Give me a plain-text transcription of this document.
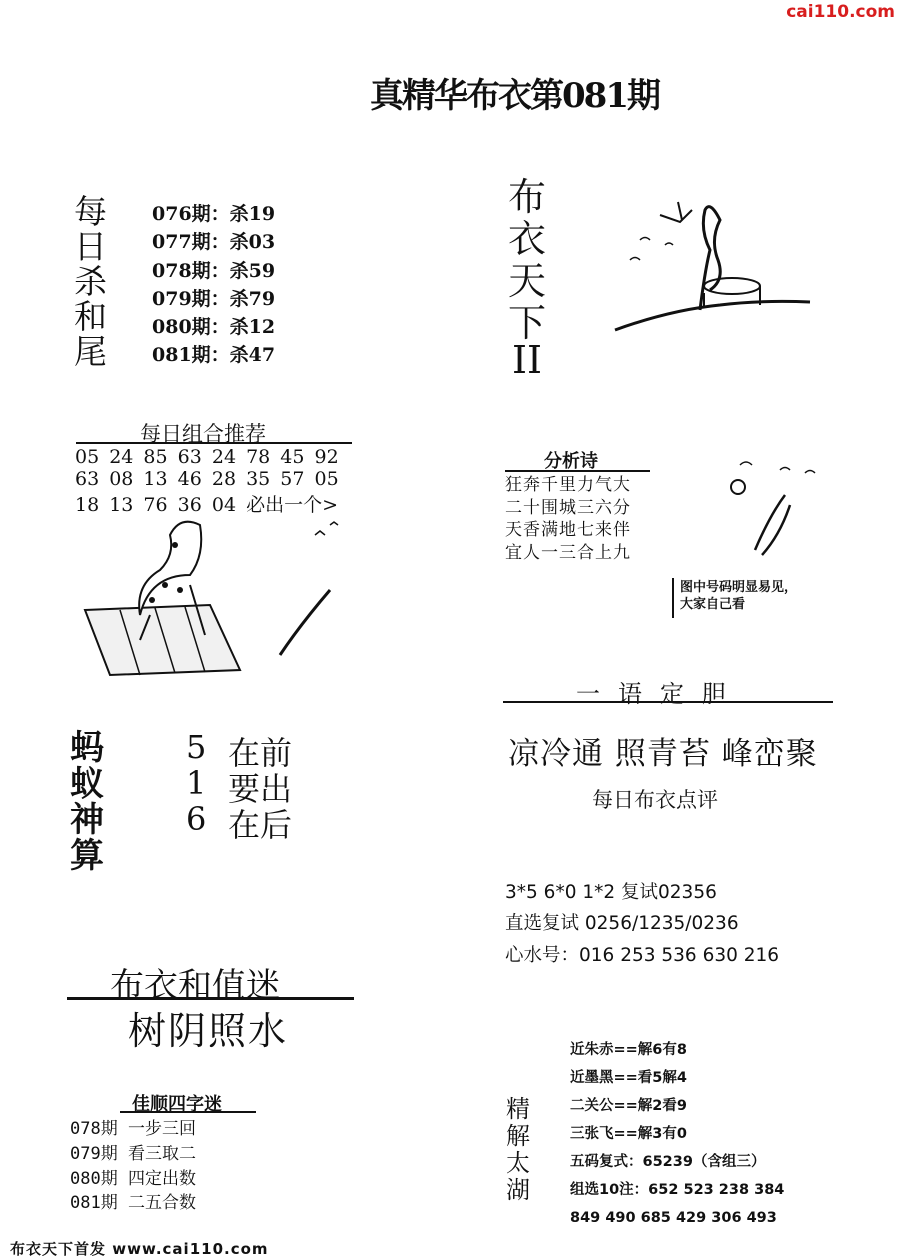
cai110.com
真精华布衣第081期
每日杀和尾
076期：杀19
077期：杀03
078期：杀59
079期：杀79
080期：杀12
081期：杀47
布衣天下
II
每日组合推荐
05 24 85 63 24 78 45 92
63 08 13 46 28 35 57 05
18 13 76 36 04 必出一个>
分析诗
狂奔千里力气大
二十围城三六分
天香满地七来伴
宜人一三合上九
图中号码明显易见，
大家自己看
一语定胆
凉冷通 照青苔 峰峦聚
每日布衣点评
蚂蚁神算
5 在前
1 要出
6 在后
3*5 6*0 1*2 复试02356
直选复试 0256/1235/0236
心水号：016 253 536 630 216
布衣和值迷
树阴照水
佳顺四字迷
078期 一步三回
079期 看三取二
080期 四定出数
081期 二五合数
精解太湖
近朱赤==解6有8
近墨黑==看5解4
二关公==解2看9
三张飞==解3有0
五码复式：65239（含组三）
组选10注：652 523 238 384
849 490 685 429 306 493
布衣天下首发 www.cai110.com
